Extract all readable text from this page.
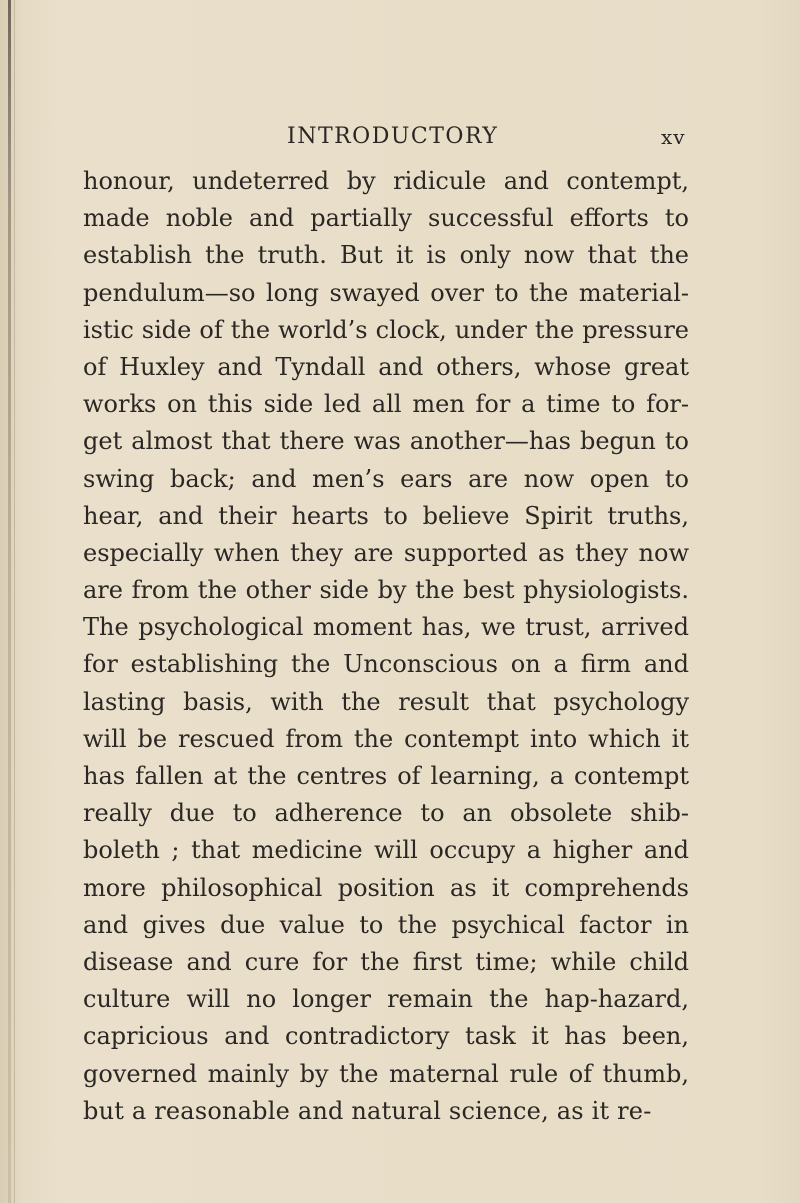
INTRODUCTORY	xv
honour, undeterred by ridicule and contempt,
made noble and partially successful efforts to
establish the truth. But it is only now that the
pendulum—so long swayed over to the material-
istic side of the world’s clock, under the pressure
of Huxley and Tyndall and others, whose great
works on this side led all men for a time to for-
get almost that there was another—has begun to
swing back; and men’s ears are now open to
hear, and their hearts to believe Spirit truths,
especially when they are supported as they now
are from the other side by the best physiologists.
The psychological moment has, we trust, arrived
for establishing the Unconscious on a firm and
lasting basis, with the result that psychology
will be rescued from the contempt into which it
has fallen at the centres of learning, a contempt
really due to adherence to an obsolete shib-
boleth ; that medicine will occupy a higher and
more philosophical position as it comprehends
and gives due value to the psychical factor in
disease and cure for the first time; while child
culture will no longer remain the hap-hazard,
capricious and contradictory task it has been,
governed mainly by the maternal rule of thumb,
but a reasonable and natural science, as it re-
